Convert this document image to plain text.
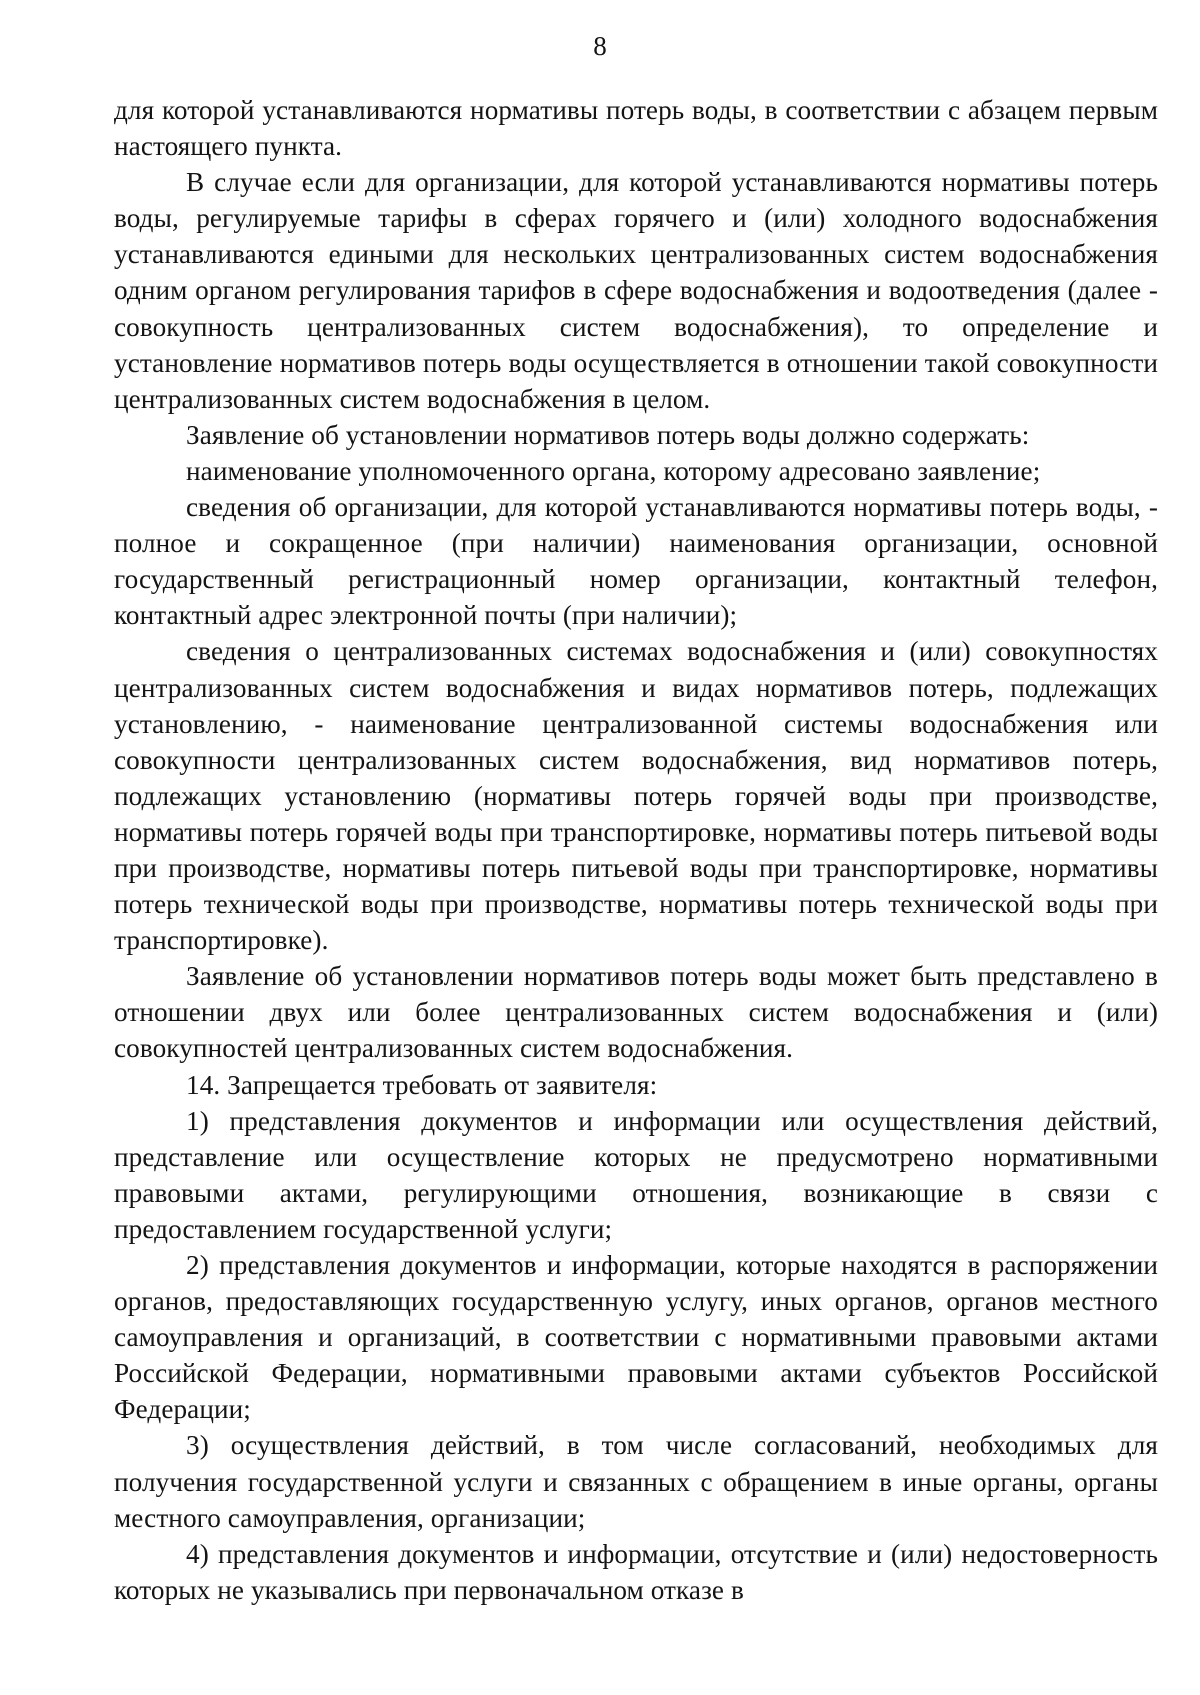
8

для которой устанавливаются нормативы потерь воды, в соответствии с абзацем первым настоящего пункта.

В случае если для организации, для которой устанавливаются нормативы потерь воды, регулируемые тарифы в сферах горячего и (или) холодного водоснабжения устанавливаются едиными для нескольких централизованных систем водоснабжения одним органом регулирования тарифов в сфере водоснабжения и водоотведения (далее - совокупность централизованных систем водоснабжения), то определение и установление нормативов потерь воды осуществляется в отношении такой совокупности централизованных систем водоснабжения в целом.

Заявление об установлении нормативов потерь воды должно содержать:

наименование уполномоченного органа, которому адресовано заявление;

сведения об организации, для которой устанавливаются нормативы потерь воды, - полное и сокращенное (при наличии) наименования организации, основной государственный регистрационный номер организации, контактный телефон, контактный адрес электронной почты (при наличии);

сведения о централизованных системах водоснабжения и (или) совокупностях централизованных систем водоснабжения и видах нормативов потерь, подлежащих установлению, - наименование централизованной системы водоснабжения или совокупности централизованных систем водоснабжения, вид нормативов потерь, подлежащих установлению (нормативы потерь горячей воды при производстве, нормативы потерь горячей воды при транспортировке, нормативы потерь питьевой воды при производстве, нормативы потерь питьевой воды при транспортировке, нормативы потерь технической воды при производстве, нормативы потерь технической воды при транспортировке).

Заявление об установлении нормативов потерь воды может быть представлено в отношении двух или более централизованных систем водоснабжения и (или) совокупностей централизованных систем водоснабжения.

14. Запрещается требовать от заявителя:

1) представления документов и информации или осуществления действий, представление или осуществление которых не предусмотрено нормативными правовыми актами, регулирующими отношения, возникающие в связи с предоставлением государственной услуги;

2) представления документов и информации, которые находятся в распоряжении органов, предоставляющих государственную услугу, иных органов, органов местного самоуправления и организаций, в соответствии с нормативными правовыми актами Российской Федерации, нормативными правовыми актами субъектов Российской Федерации;

3) осуществления действий, в том числе согласований, необходимых для получения государственной услуги и связанных с обращением в иные органы, органы местного самоуправления, организации;

4) представления документов и информации, отсутствие и (или) недостоверность которых не указывались при первоначальном отказе в
